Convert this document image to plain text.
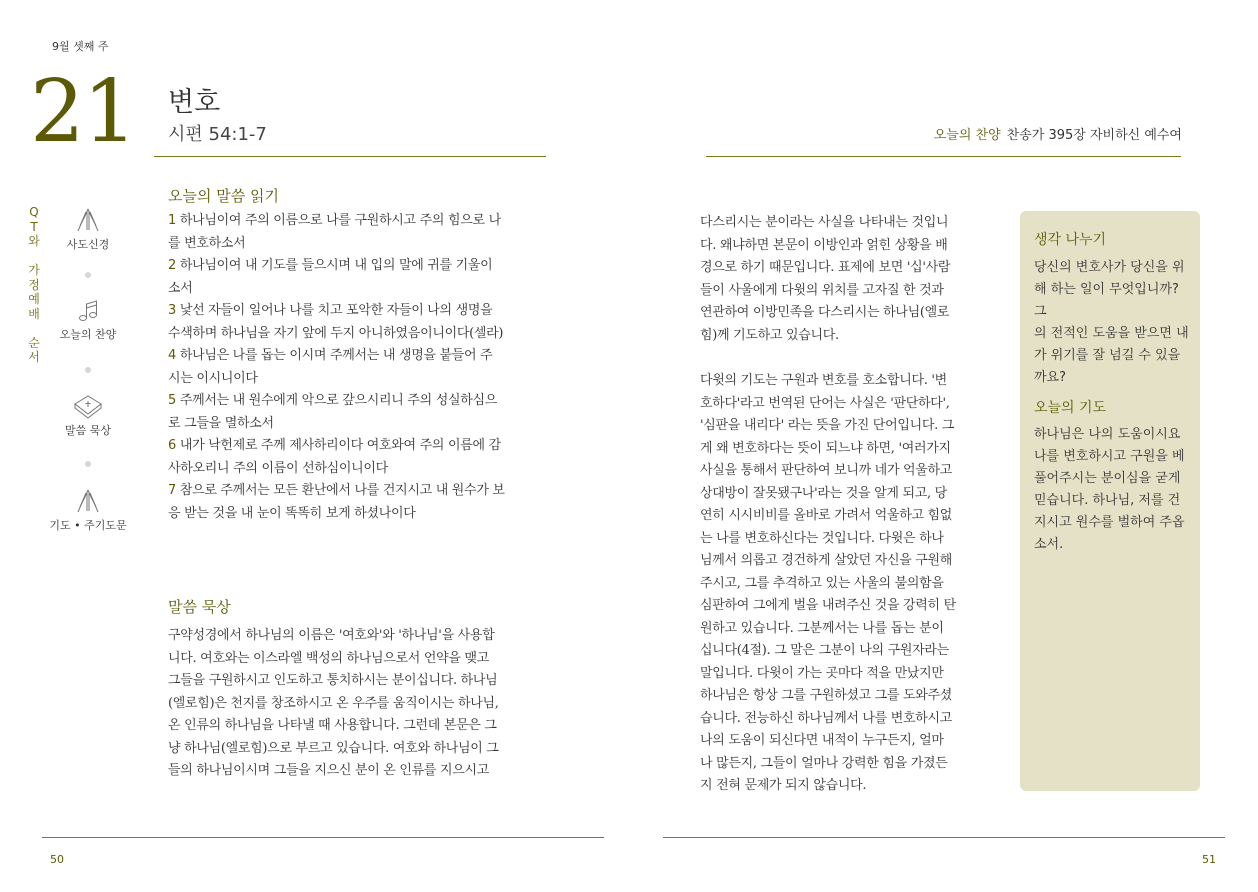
9월 셋째 주
21 변호
시편 54:1-7
Q
T
와

가
정
예
배

순
서
사도신경
오늘의 찬양
말씀 묵상
기도 • 주기도문
오늘의 말씀 읽기

1 하나님이여 주의 이름으로 나를 구원하시고 주의 힘으로 나

를 변호하소서

2 하나님이여 내 기도를 들으시며 내 입의 말에 귀를 기울이

소서

3 낯선 자들이 일어나 나를 치고 포악한 자들이 나의 생명을

수색하며 하나님을 자기 앞에 두지 아니하였음이니이다(셀라)

4 하나님은 나를 돕는 이시며 주께서는 내 생명을 붙들어 주

시는 이시니이다

5 주께서는 내 원수에게 악으로 갚으시리니 주의 성실하심으

로 그들을 멸하소서

6 내가 낙헌제로 주께 제사하리이다 여호와여 주의 이름에 감

사하오리니 주의 이름이 선하심이니이다

7 참으로 주께서는 모든 환난에서 나를 건지시고 내 원수가 보

응 받는 것을 내 눈이 똑똑히 보게 하셨나이다

말씀 묵상
구약성경에서 하나님의 이름은 '여호와'와 '하나님'을 사용합
니다. 여호와는 이스라엘 백성의 하나님으로서 언약을 맺고
그들을 구원하시고 인도하고 통치하시는 분이십니다. 하나님
(엘로힘)은 천지를 창조하시고 온 우주를 움직이시는 하나님,
온 인류의 하나님을 나타낼 때 사용합니다. 그런데 본문은 그
냥 하나님(엘로힘)으로 부르고 있습니다. 여호와 하나님이 그
들의 하나님이시며 그들을 지으신 분이 온 인류를 지으시고
50
오늘의 찬양 찬송가 395장 자비하신 예수여
다스리시는 분이라는 사실을 나타내는 것입니
다. 왜냐하면 본문이 이방인과 얽힌 상황을 배
경으로 하기 때문입니다. 표제에 보면 '십'사람
들이 사울에게 다윗의 위치를 고자질 한 것과
연관하여 이방민족을 다스리시는 하나님(엘로
힘)께 기도하고 있습니다.
다윗의 기도는 구원과 변호를 호소합니다. '변
호하다'라고 번역된 단어는 사실은 '판단하다',
'심판을 내리다' 라는 뜻을 가진 단어입니다. 그
게 왜 변호하다는 뜻이 되느냐 하면, '여러가지
사실을 통해서 판단하여 보니까 네가 억울하고
상대방이 잘못됐구나'라는 것을 알게 되고, 당
연히 시시비비를 올바로 가려서 억울하고 힘없
는 나를 변호하신다는 것입니다. 다윗은 하나
님께서 의롭고 경건하게 살았던 자신을 구원해
주시고, 그를 추격하고 있는 사울의 불의함을
심판하여 그에게 벌을 내려주신 것을 강력히 탄
원하고 있습니다. 그분께서는 나를 돕는 분이
십니다(4절). 그 말은 그분이 나의 구원자라는
말입니다. 다윗이 가는 곳마다 적을 만났지만
하나님은 항상 그를 구원하셨고 그를 도와주셨
습니다. 전능하신 하나님께서 나를 변호하시고
나의 도움이 되신다면 내적이 누구든지, 얼마
나 많든지, 그들이 얼마나 강력한 힘을 가졌든
지 전혀 문제가 되지 않습니다.
생각 나누기
당신의 변호사가 당신을 위
해 하는 일이 무엇입니까? 그
의 전적인 도움을 받으면 내
가 위기를 잘 넘길 수 있을
까요?
오늘의 기도
하나님은 나의 도움이시요
나를 변호하시고 구원을 베
풀어주시는 분이심을 굳게
믿습니다. 하나님, 저를 건
지시고 원수를 벌하여 주옵
소서.
51
